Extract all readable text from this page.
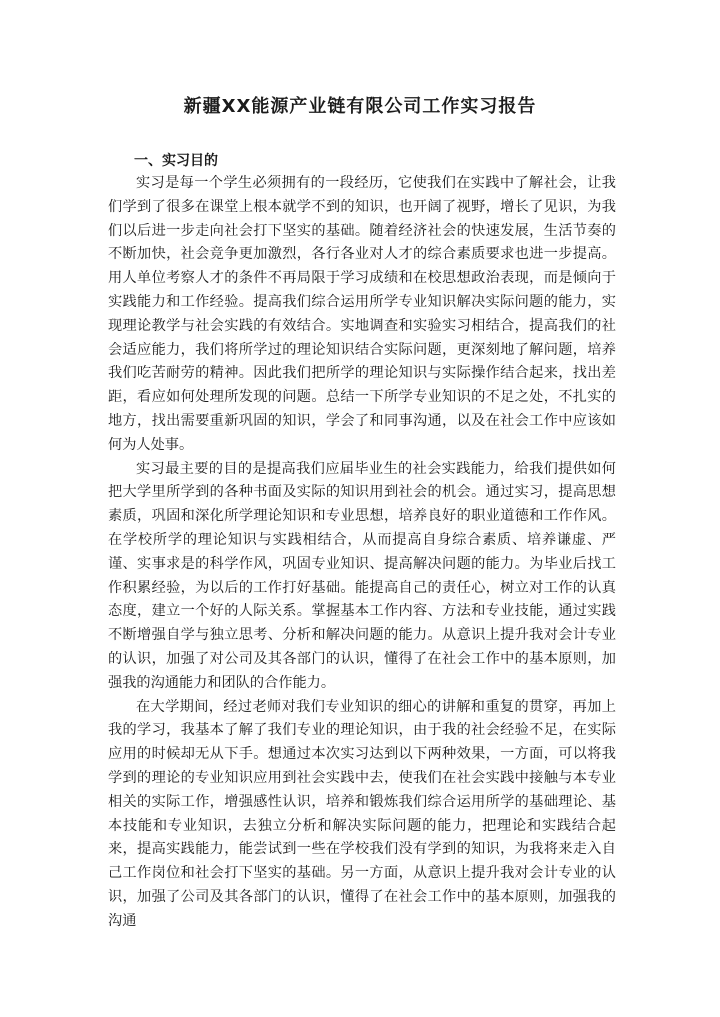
新疆XX能源产业链有限公司工作实习报告
一、实习目的

实习是每一个学生必须拥有的一段经历，它使我们在实践中了解社会，让我们学到了很多在课堂上根本就学不到的知识，也开阔了视野，增长了见识，为我们以后进一步走向社会打下坚实的基础。随着经济社会的快速发展，生活节奏的不断加快，社会竞争更加激烈，各行各业对人才的综合素质要求也进一步提高。用人单位考察人才的条件不再局限于学习成绩和在校思想政治表现，而是倾向于实践能力和工作经验。提高我们综合运用所学专业知识解决实际问题的能力，实现理论教学与社会实践的有效结合。实地调查和实验实习相结合，提高我们的社会适应能力，我们将所学过的理论知识结合实际问题，更深刻地了解问题，培养我们吃苦耐劳的精神。因此我们把所学的理论知识与实际操作结合起来，找出差距，看应如何处理所发现的问题。总结一下所学专业知识的不足之处，不扎实的地方，找出需要重新巩固的知识，学会了和同事沟通，以及在社会工作中应该如何为人处事。

实习最主要的目的是提高我们应届毕业生的社会实践能力，给我们提供如何把大学里所学到的各种书面及实际的知识用到社会的机会。通过实习，提高思想素质，巩固和深化所学理论知识和专业思想，培养良好的职业道德和工作作风。在学校所学的理论知识与实践相结合，从而提高自身综合素质、培养谦虚、严谨、实事求是的科学作风，巩固专业知识、提高解决问题的能力。为毕业后找工作积累经验，为以后的工作打好基础。能提高自己的责任心，树立对工作的认真态度，建立一个好的人际关系。掌握基本工作内容、方法和专业技能，通过实践不断增强自学与独立思考、分析和解决问题的能力。从意识上提升我对会计专业的认识，加强了对公司及其各部门的认识，懂得了在社会工作中的基本原则，加强我的沟通能力和团队的合作能力。

在大学期间，经过老师对我们专业知识的细心的讲解和重复的贯穿，再加上我的学习，我基本了解了我们专业的理论知识，由于我的社会经验不足，在实际应用的时候却无从下手。想通过本次实习达到以下两种效果，一方面，可以将我学到的理论的专业知识应用到社会实践中去，使我们在社会实践中接触与本专业相关的实际工作，增强感性认识，培养和锻炼我们综合运用所学的基础理论、基本技能和专业知识，去独立分析和解决实际问题的能力，把理论和实践结合起来，提高实践能力，能尝试到一些在学校我们没有学到的知识，为我将来走入自己工作岗位和社会打下坚实的基础。另一方面，从意识上提升我对会计专业的认识，加强了公司及其各部门的认识，懂得了在社会工作中的基本原则，加强我的沟通
